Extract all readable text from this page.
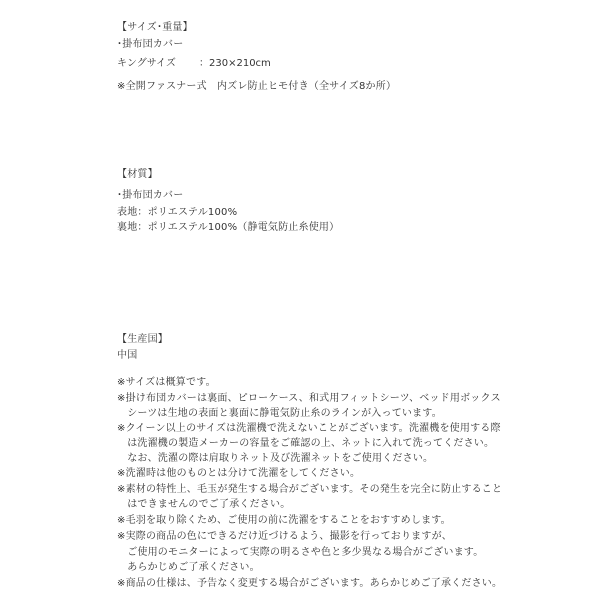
【サイズ･重量】
･掛布団カバー
キングサイズ ：230×210cm
※全開ファスナー式　内ズレ防止ヒモ付き（全サイズ8か所）
【材質】
･掛布団カバー
表地：ポリエステル100%
裏地：ポリエステル100%（静電気防止糸使用）
【生産国】
中国
※サイズは概算です。
※掛け布団カバーは裏面、ピローケース、和式用フィットシーツ、ベッド用ボックス
　シーツは生地の表面と裏面に静電気防止糸のラインが入っています。
※クイーン以上のサイズは洗濯機で洗えないことがございます。洗濯機を使用する際
　は洗濯機の製造メーカーの容量をご確認の上、ネットに入れて洗ってください。
　なお、洗濯の際は肩取りネット及び洗濯ネットをご使用ください。
※洗濯時は他のものとは分けて洗濯をしてください。
※素材の特性上、毛玉が発生する場合がございます。その発生を完全に防止すること
　はできませんのでご了承ください。
※毛羽を取り除くため、ご使用の前に洗濯をすることをおすすめします。
※実際の商品の色にできるだけ近づけるよう、撮影を行っておりますが、
　ご使用のモニターによって実際の明るさや色と多少異なる場合がございます。
　あらかじめご了承ください。
※商品の仕様は、予告なく変更する場合がございます。あらかじめご了承ください。
